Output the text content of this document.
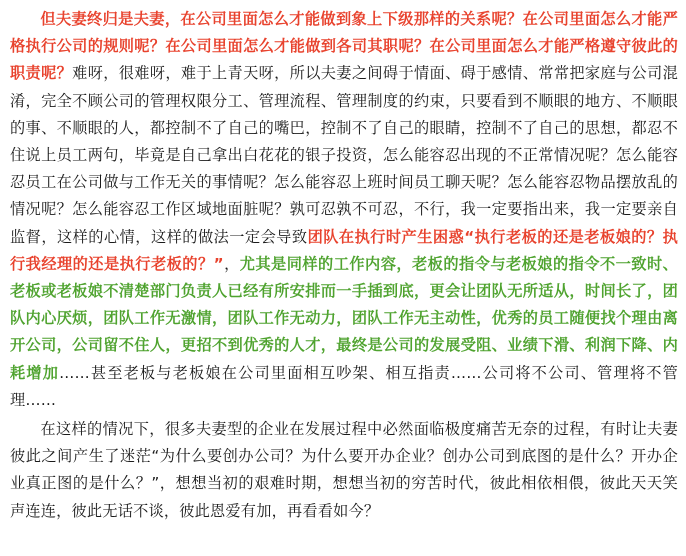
但夫妻终归是夫妻，在公司里面怎么才能做到象上下级那样的关系呢？在公司里面怎么才能严格执行公司的规则呢？在公司里面怎么才能做到各司其职呢？在公司里面怎么才能严格遵守彼此的职责呢？难呀，很难呀，难于上青天呀，所以夫妻之间碍于情面、碍于感情、常常把家庭与公司混淆，完全不顾公司的管理权限分工、管理流程、管理制度的约束，只要看到不顺眼的地方、不顺眼的事、不顺眼的人，都控制不了自己的嘴巴，控制不了自己的眼睛，控制不了自己的思想，都忍不住说上员工两句，毕竟是自己拿出白花花的银子投资，怎么能容忍出现的不正常情况呢？怎么能容忍员工在公司做与工作无关的事情呢？怎么能容忍上班时间员工聊天呢？怎么能容忍物品摆放乱的情况呢？怎么能容忍工作区域地面脏呢？孰可忍孰不可忍，不行，我一定要指出来，我一定要亲自监督，这样的心情，这样的做法一定会导致团队在执行时产生困惑“执行老板的还是老板娘的？执行我经理的还是执行老板的？”，尤其是同样的工作内容，老板的指令与老板娘的指令不一致时、老板或老板娘不清楚部门负责人已经有所安排而一手插到底，更会让团队无所适从，时间长了，团队内心厌烦，团队工作无激情，团队工作无动力，团队工作无主动性，优秀的员工随便找个理由离开公司，公司留不住人，更招不到优秀的人才，最终是公司的发展受阻、业绩下滑、利润下降、内耗增加……甚至老板与老板娘在公司里面相互吵架、相互指责……公司将不公司、管理将不管理……

在这样的情况下，很多夫妻型的企业在发展过程中必然面临极度痛苦无奈的过程，有时让夫妻彼此之间产生了迷茫“为什么要创办公司？为什么要开办企业？创办公司到底图的是什么？开办企业真正图的是什么？”，想想当初的艰难时期，想想当初的穷苦时代，彼此相依相偎，彼此天天笑声连连，彼此无话不谈，彼此恩爱有加，再看看如今？
